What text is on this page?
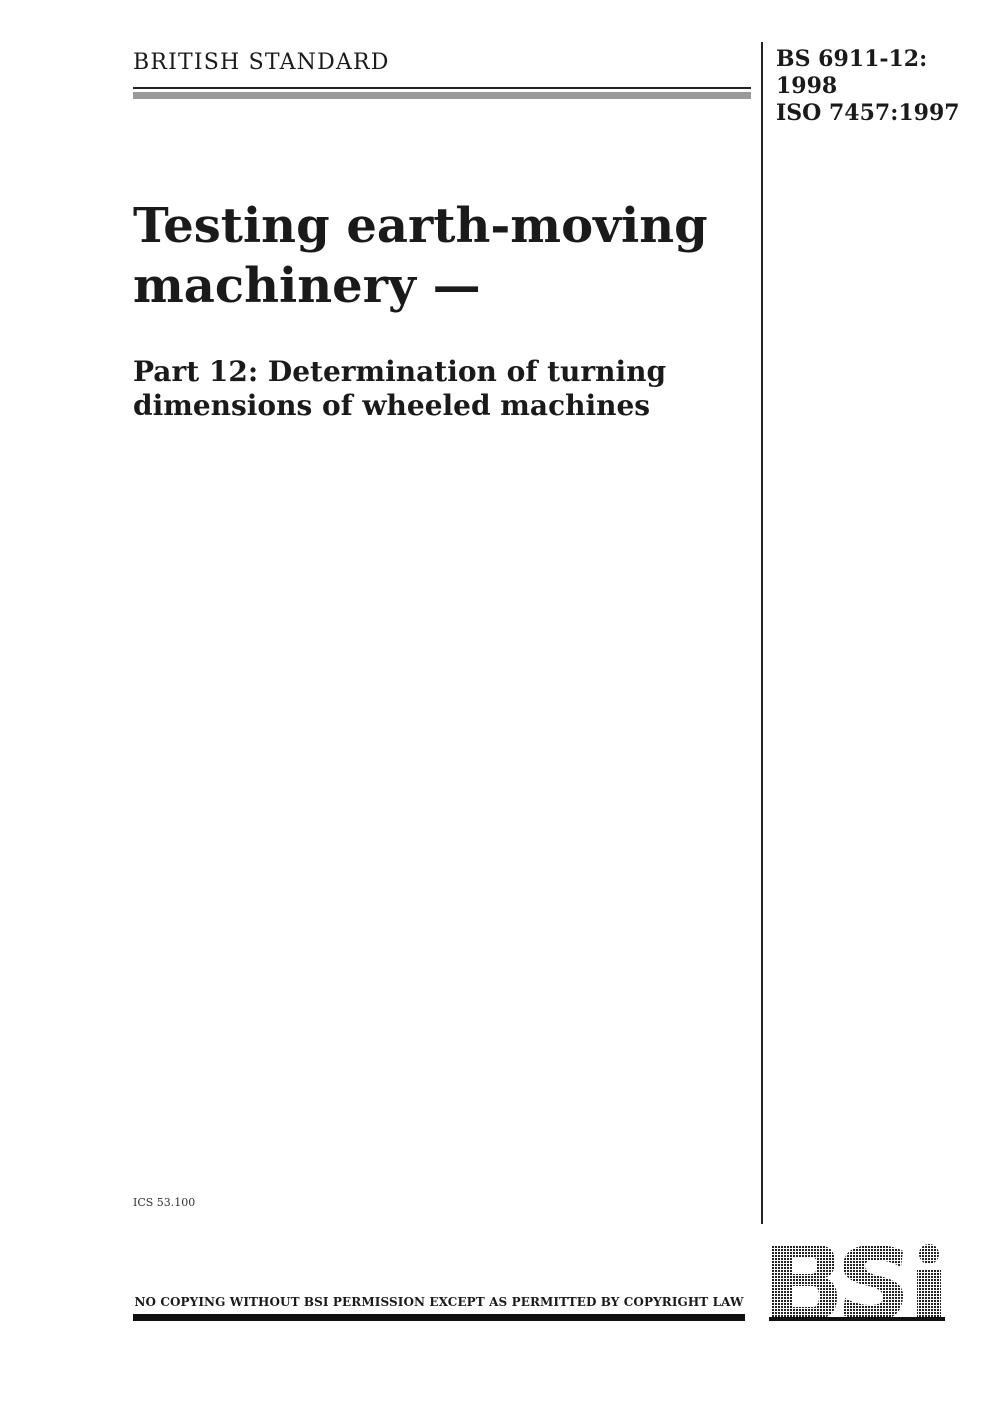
BRITISH STANDARD	BS 6911-12:
1998
ISO 7457:1997
Testing earth-moving
machinery —
Part 12: Determination of turning
dimensions of wheeled machines
ICS 53.100
NO COPYING WITHOUT BSI PERMISSION EXCEPT AS PERMITTED BY COPYRIGHT LAW
